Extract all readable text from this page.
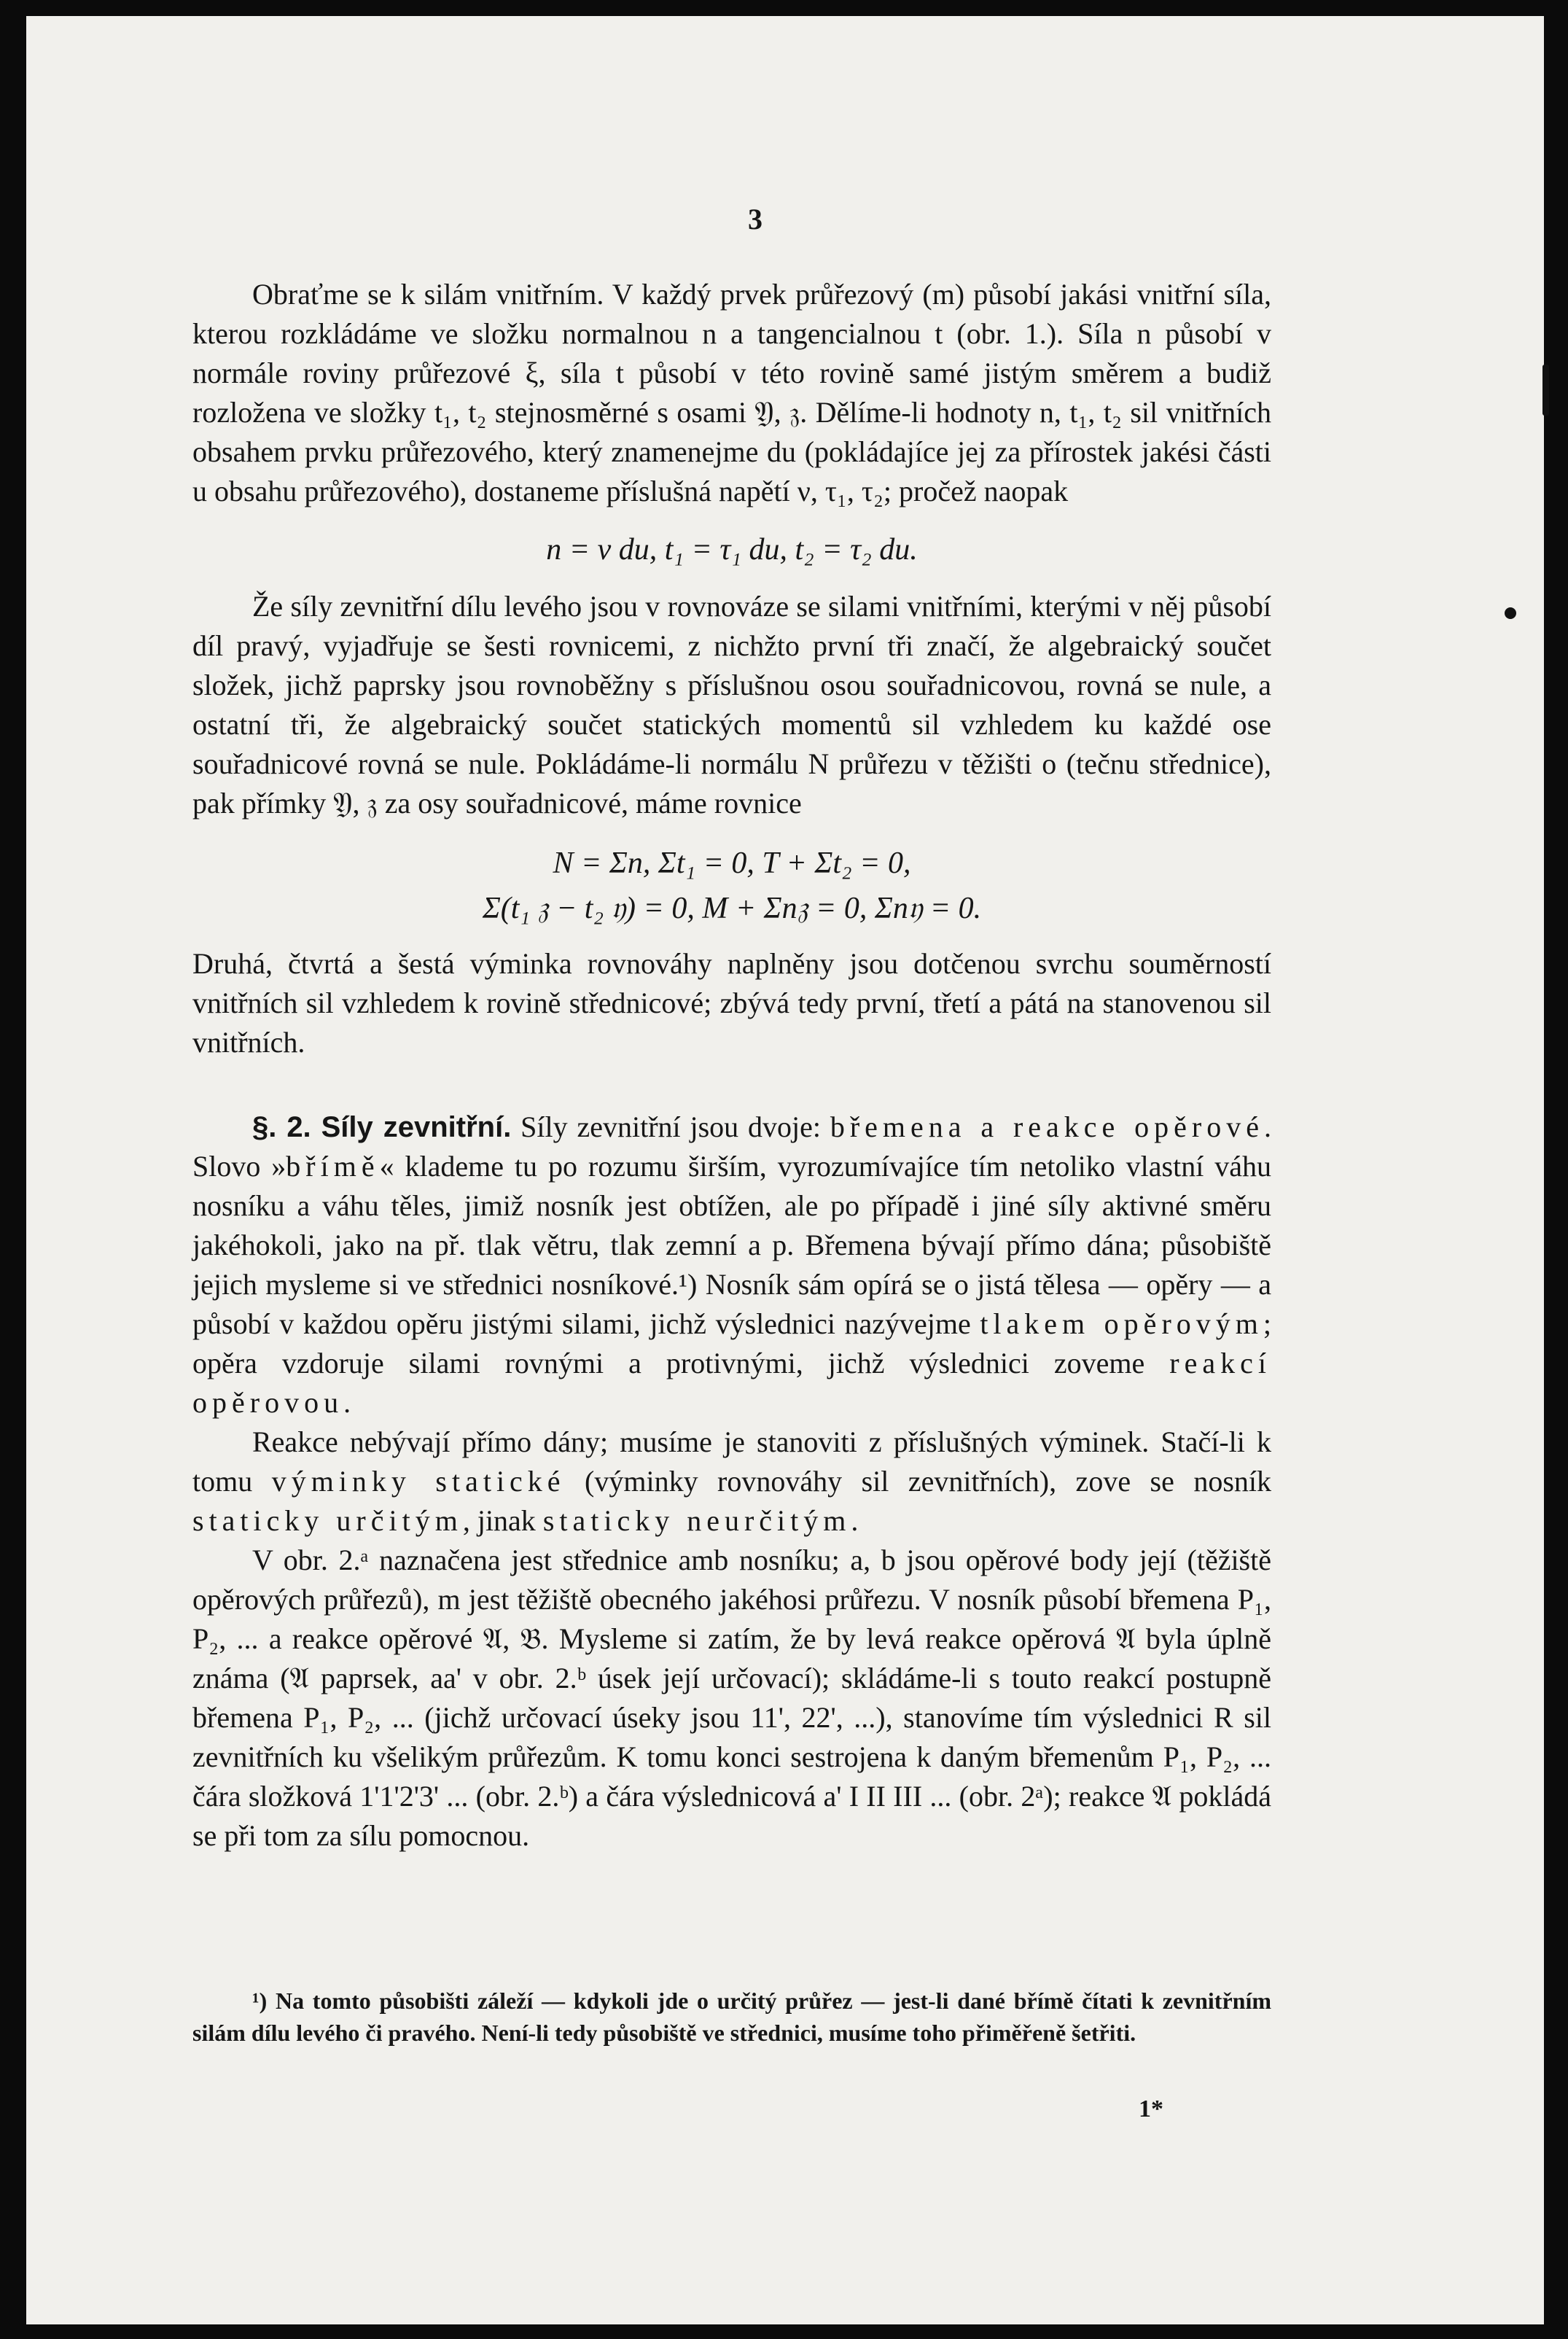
3

Obraťme se k silám vnitřním. V každý prvek průřezový (m) působí jakási vnitřní síla, kterou rozkládáme ve složku normalnou n a tangencialnou t (obr. 1.). Síla n působí v normále roviny průřezové ξ, síla t působí v této rovině samé jistým směrem a budiž rozložena ve složky t₁, t₂ stejnosměrné s osami 𝔜, 𝔷. Dělíme-li hodnoty n, t₁, t₂ sil vnitřních obsahem prvku průřezového, který znamenejme du (pokládajíce jej za přírostek jakési části u obsahu průřezového), dostaneme příslušná napětí ν, τ₁, τ₂; pročež naopak

n = ν du, t₁ = τ₁ du, t₂ = τ₂ du.

Že síly zevnitřní dílu levého jsou v rovnováze se silami vnitřními, kterými v něj působí díl pravý, vyjadřuje se šesti rovnicemi, z nichžto první tři značí, že algebraický součet složek, jichž paprsky jsou rovnoběžny s příslušnou osou souřadnicovou, rovná se nule, a ostatní tři, že algebraický součet statických momentů sil vzhledem ku každé ose souřadnicové rovná se nule. Pokládáme-li normálu N průřezu v těžišti o (tečnu střednice), pak přímky 𝔜, 𝔷 za osy souřadnicové, máme rovnice

N = Σn, Σt₁ = 0, T + Σt₂ = 0,
Σ(t₁ 𝔷 − t₂ 𝔶) = 0, M + Σn𝔷 = 0, Σn𝔶 = 0.

Druhá, čtvrtá a šestá výminka rovnováhy naplněny jsou dotčenou svrchu souměrností vnitřních sil vzhledem k rovině střednicové; zbývá tedy první, třetí a pátá na stanovenou sil vnitřních.

§. 2. Síly zevnitřní. Síly zevnitřní jsou dvoje: břemena a reakce opěrové. Slovo »břímě« klademe tu po rozumu širším, vyrozumívajíce tím netoliko vlastní váhu nosníku a váhu těles, jimiž nosník jest obtížen, ale po případě i jiné síly aktivné směru jakéhokoli, jako na př. tlak větru, tlak zemní a p. Břemena bývají přímo dána; působiště jejich mysleme si ve střednici nosníkové.¹) Nosník sám opírá se o jistá tělesa — opěry — a působí v každou opěru jistými silami, jichž výslednici nazývejme tlakem opěrovým; opěra vzdoruje silami rovnými a protivnými, jichž výslednici zoveme reakcí opěrovou.

Reakce nebývají přímo dány; musíme je stanoviti z příslušných výminek. Stačí-li k tomu výminky statické (výminky rovnováhy sil zevnitřních), zove se nosník staticky určitým, jinak staticky neurčitým.

V obr. 2.ᵃ naznačena jest střednice amb nosníku; a, b jsou opěrové body její (těžiště opěrových průřezů), m jest těžiště obecného jakéhosi průřezu. V nosník působí břemena P₁, P₂, ... a reakce opěrové 𝔄, 𝔅. Mysleme si zatím, že by levá reakce opěrová 𝔄 byla úplně známa (𝔄 paprsek, aa' v obr. 2.ᵇ úsek její určovací); skládáme-li s touto reakcí postupně břemena P₁, P₂, ... (jichž určovací úseky jsou 11', 22', ...), stanovíme tím výslednici R sil zevnitřních ku všelikým průřezům. K tomu konci sestrojena k daným břemenům P₁, P₂, ... čára složková 1'1'2'3' ... (obr. 2.ᵇ) a čára výslednicová a' I II III ... (obr. 2ᵃ); reakce 𝔄 pokládá se při tom za sílu pomocnou.

¹) Na tomto působišti záleží — kdykoli jde o určitý průřez — jest-li dané břímě čítati k zevnitřním silám dílu levého či pravého. Není-li tedy působiště ve střednici, musíme toho přiměřeně šetřiti.

1*
